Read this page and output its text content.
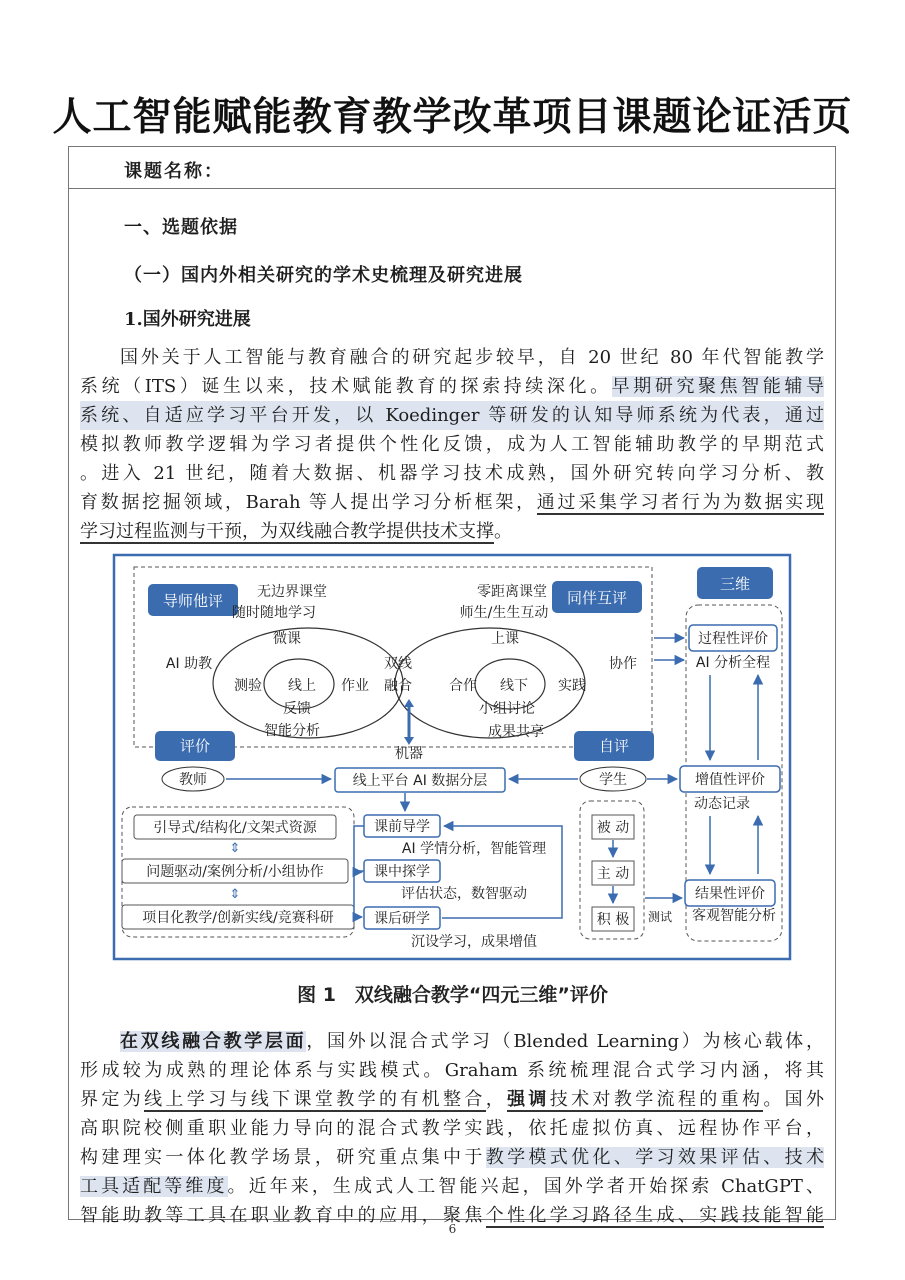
人工智能赋能教育教学改革项目课题论证活页
课题名称：
一、选题依据
（一）国内外相关研究的学术史梳理及研究进展
1.国外研究进展
国外关于人工智能与教育融合的研究起步较早，自 20 世纪 80 年代智能教学
系统（ITS）诞生以来，技术赋能教育的探索持续深化。早期研究聚焦智能辅导
系统、自适应学习平台开发，以 Koedinger 等研发的认知导师系统为代表，通过
模拟教师教学逻辑为学习者提供个性化反馈，成为人工智能辅助教学的早期范式
。进入 21 世纪，随着大数据、机器学习技术成熟，国外研究转向学习分析、教
育数据挖掘领域，Barah 等人提出学习分析框架，通过采集学习者行为为数据实现
学习过程监测与干预，为双线融合教学提供技术支撑。
导师他评	同伴互评
三维
无边界课堂
随时随地学习
微课
AI 助教
测验 线上 作业
反馈
智能分析
零距离课堂
师生/生生互动
上课
双线
融合	合作 线下 实践
协作
小组讨论
成果共享
过程性评价
AI 分析全程
增值性评价
动态记录
结果性评价
客观智能分析
评价
教师
机器	自评
学生
线上平台 AI 数据分层
引导式/结构化/文架式资源
问题驱动/案例分析/小组协作
项目化教学/创新实线/竞赛科研
⇕
⇕
课前导学
AI 学情分析，智能管理
课中探学
评估状态，数智驱动
课后研学
沉设学习，成果增值
被 动
主 动
积 极 测试
图 1　双线融合教学“四元三维”评价
在双线融合教学层面，国外以混合式学习（Blended Learning）为核心载体，
形成较为成熟的理论体系与实践模式。Graham 系统梳理混合式学习内涵，将其
界定为线上学习与线下课堂教学的有机整合，强调技术对教学流程的重构。国外
高职院校侧重职业能力导向的混合式教学实践，依托虚拟仿真、远程协作平台，
构建理实一体化教学场景，研究重点集中于教学模式优化、学习效果评估、技术
工具适配等维度。近年来，生成式人工智能兴起，国外学者开始探索 ChatGPT、
智能助教等工具在职业教育中的应用，聚焦个性化学习路径生成、实践技能智能
6
